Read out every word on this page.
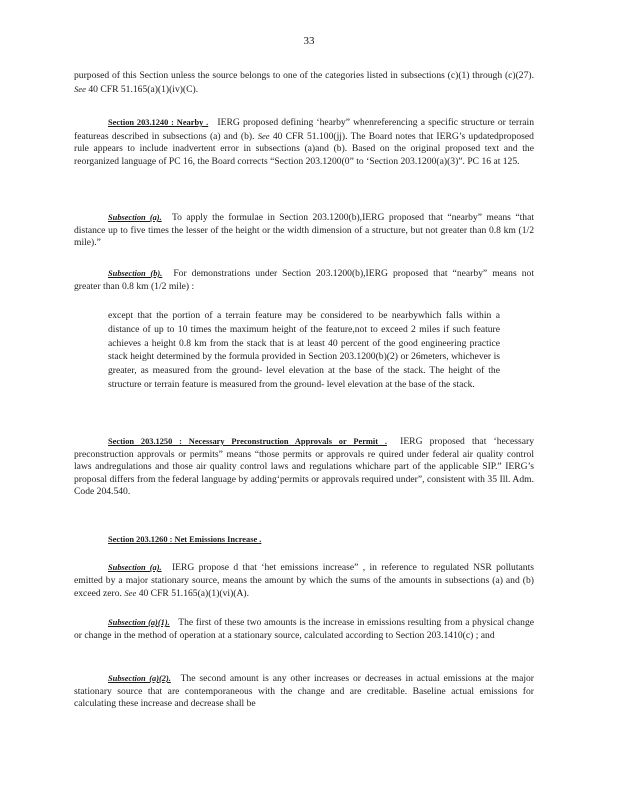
33

purposed of this Section unless the source belongs to one of the categories listed in subsections (c)(1) through (c)(27). See 40 CFR 51.165(a)(1)(iv)(C).

Section 203.1240 : Nearby . IERG proposed defining ‘hearby” whenreferencing a specific structure or terrain featureas described in subsections (a) and (b). See 40 CFR 51.100(jj). The Board notes that IERG’s updatedproposed rule appears to include inadvertent error in subsections (a)and (b). Based on the original proposed text and the reorganized language of PC 16, the Board corrects “Section 203.1200(0” to ‘Section 203.1200(a)(3)”. PC 16 at 125.

Subsection (a). To apply the formulae in Section 203.1200(b),IERG proposed that “nearby” means “that distance up to five times the lesser of the height or the width dimension of a structure, but not greater than 0.8 km (1/2 mile).”

Subsection (b). For demonstrations under Section 203.1200(b),IERG proposed that “nearby” means not greater than 0.8 km (1/2 mile) :

except that the portion of a terrain feature may be considered to be nearbywhich falls within a distance of up to 10 times the maximum height of the feature,not to exceed 2 miles if such feature achieves a height 0.8 km from the stack that is at least 40 percent of the good engineering practice stack height determined by the formula provided in Section 203.1200(b)(2) or 26meters, whichever is greater, as measured from the ground- level elevation at the base of the stack. The height of the structure or terrain feature is measured from the ground- level elevation at the base of the stack.

Section 203.1250 : Necessary Preconstruction Approvals or Permit . IERG proposed that ‘hecessary preconstruction approvals or permits” means “those permits or approvals re quired under federal air quality control laws andregulations and those air quality control laws and regulations whichare part of the applicable SIP.” IERG’s proposal differs from the federal language by adding‘permits or approvals required under”, consistent with 35 Ill. Adm. Code 204.540.

Section 203.1260 : Net Emissions Increase .

Subsection (a). IERG propose d that ‘het emissions increase” , in reference to regulated NSR pollutants emitted by a major stationary source, means the amount by which the sums of the amounts in subsections (a) and (b) exceed zero. See 40 CFR 51.165(a)(1)(vi)(A).

Subsection (a)(1). The first of these two amounts is the increase in emissions resulting from a physical change or change in the method of operation at a stationary source, calculated according to Section 203.1410(c) ; and

Subsection (a)(2). The second amount is any other increases or decreases in actual emissions at the major stationary source that are contemporaneous with the change and are creditable. Baseline actual emissions for calculating these increase and decrease shall be
